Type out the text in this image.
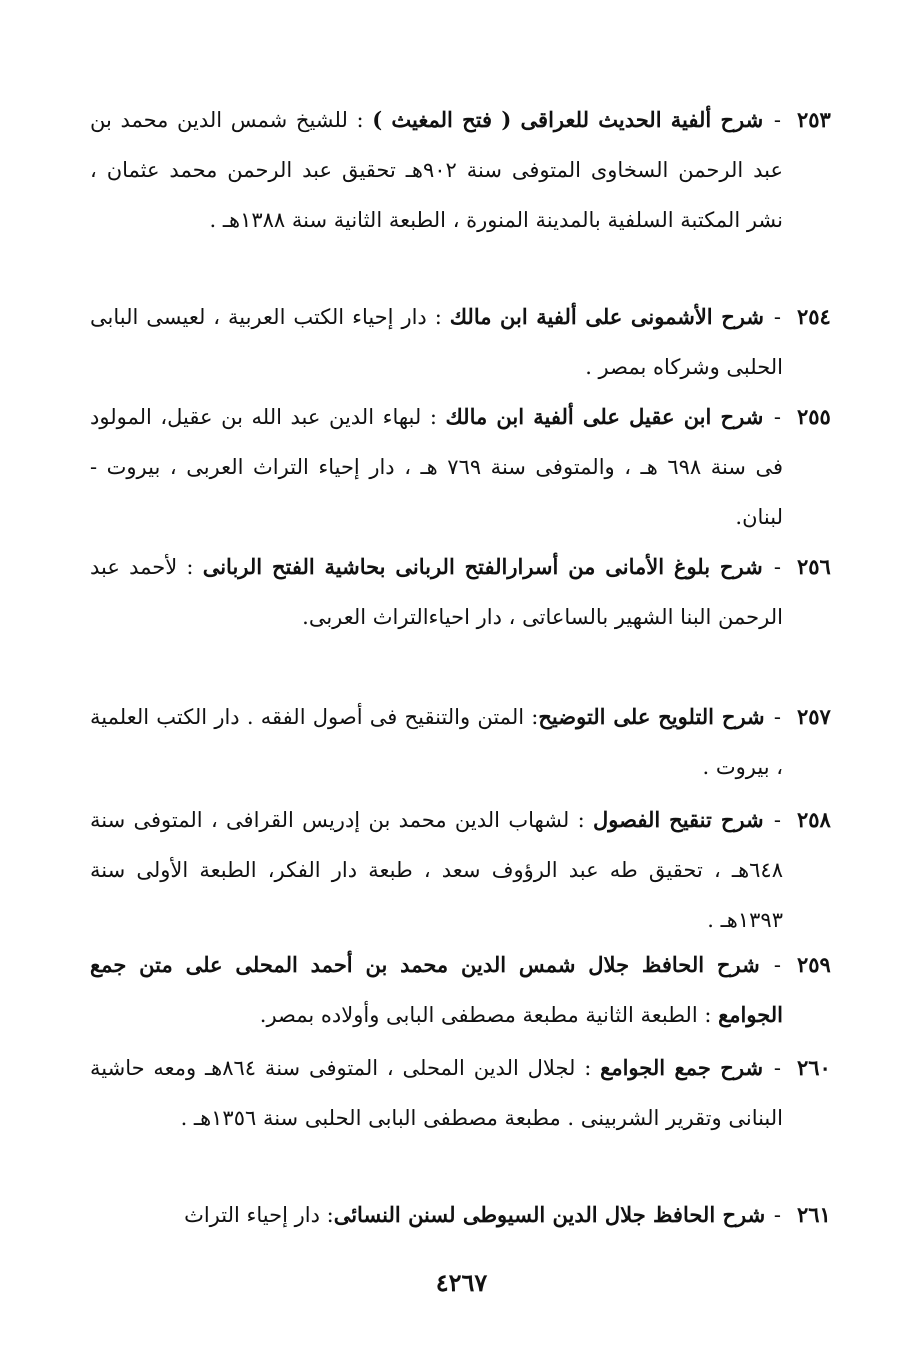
٢٥٣
- شرح ألفية الحديث للعراقى ( فتح المغيث ) : للشيخ شمس الدين محمد بن عبد الرحمن السخاوى المتوفى سنة ٩٠٢هـ تحقيق عبد الرحمن محمد عثمان ، نشر المكتبة السلفية بالمدينة المنورة ، الطبعة الثانية سنة ١٣٨٨هـ .
٢٥٤
- شرح الأشمونى على ألفية ابن مالك : دار إحياء الكتب العربية ، لعيسى البابى الحلبى وشركاه بمصر .
٢٥٥
- شرح ابن عقيل على ألفية ابن مالك : لبهاء الدين عبد الله بن عقيل، المولود فى سنة ٦٩٨ هـ ، والمتوفى سنة ٧٦٩ هـ ، دار إحياء التراث العربى ، بيروت - لبنان.
٢٥٦
- شرح بلوغ الأمانى من أسرارالفتح الربانى بحاشية الفتح الربانى : لأحمد عبد الرحمن البنا الشهير بالساعاتى ، دار احياءالتراث العربى.
٢٥٧
- شرح التلويح على التوضيح: المتن والتنقيح فى أصول الفقه . دار الكتب العلمية ، بيروت .
٢٥٨
- شرح تنقيح الفصول : لشهاب الدين محمد بن إدريس القرافى ، المتوفى سنة ٦٤٨هـ ، تحقيق طه عبد الرؤوف سعد ، طبعة دار الفكر، الطبعة الأولى سنة ١٣٩٣هـ .
٢٥٩
- شرح الحافظ جلال شمس الدين محمد بن أحمد المحلى على متن جمع الجوامع : الطبعة الثانية مطبعة مصطفى البابى وأولاده بمصر.
٢٦٠
- شرح جمع الجوامع : لجلال الدين المحلى ، المتوفى سنة ٨٦٤هـ ومعه حاشية البنانى وتقرير الشربينى . مطبعة مصطفى البابى الحلبى سنة ١٣٥٦هـ .
٢٦١
- شرح الحافظ جلال الدين السيوطى لسنن النسائى: دار إحياء التراث
٤٢٦٧
